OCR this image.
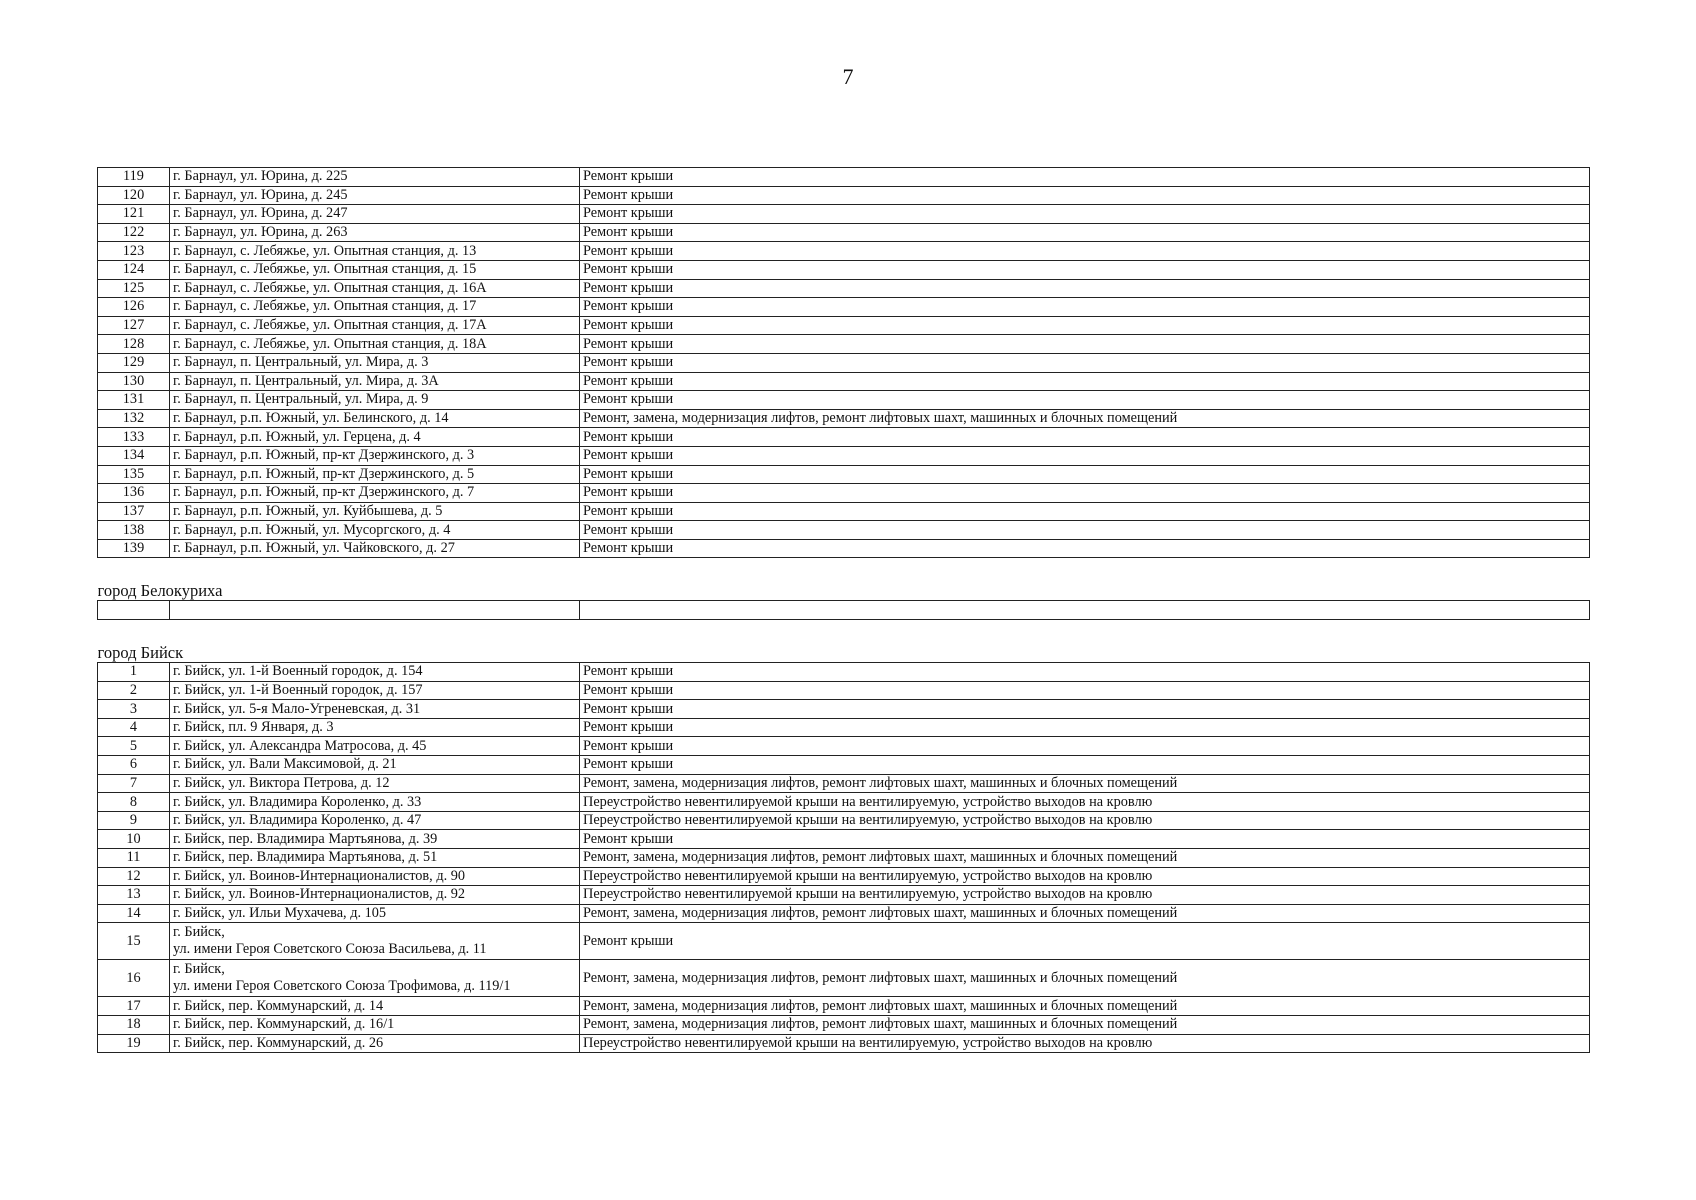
7
119	г. Барнаул, ул. Юрина, д. 225	Ремонт крыши
120	г. Барнаул, ул. Юрина, д. 245	Ремонт крыши
121	г. Барнаул, ул. Юрина, д. 247	Ремонт крыши
122	г. Барнаул, ул. Юрина, д. 263	Ремонт крыши
123	г. Барнаул, с. Лебяжье, ул. Опытная станция, д. 13	Ремонт крыши
124	г. Барнаул, с. Лебяжье, ул. Опытная станция, д. 15	Ремонт крыши
125	г. Барнаул, с. Лебяжье, ул. Опытная станция, д. 16А	Ремонт крыши
126	г. Барнаул, с. Лебяжье, ул. Опытная станция, д. 17	Ремонт крыши
127	г. Барнаул, с. Лебяжье, ул. Опытная станция, д. 17А	Ремонт крыши
128	г. Барнаул, с. Лебяжье, ул. Опытная станция, д. 18А	Ремонт крыши
129	г. Барнаул, п. Центральный, ул. Мира, д. 3	Ремонт крыши
130	г. Барнаул, п. Центральный, ул. Мира, д. 3А	Ремонт крыши
131	г. Барнаул, п. Центральный, ул. Мира, д. 9	Ремонт крыши
132	г. Барнаул, р.п. Южный, ул. Белинского, д. 14	Ремонт, замена, модернизация лифтов, ремонт лифтовых шахт, машинных и блочных помещений
133	г. Барнаул, р.п. Южный, ул. Герцена, д. 4	Ремонт крыши
134	г. Барнаул, р.п. Южный, пр-кт Дзержинского, д. 3	Ремонт крыши
135	г. Барнаул, р.п. Южный, пр-кт Дзержинского, д. 5	Ремонт крыши
136	г. Барнаул, р.п. Южный, пр-кт Дзержинского, д. 7	Ремонт крыши
137	г. Барнаул, р.п. Южный, ул. Куйбышева, д. 5	Ремонт крыши
138	г. Барнаул, р.п. Южный, ул. Мусоргского, д. 4	Ремонт крыши
139	г. Барнаул, р.п. Южный, ул. Чайковского, д. 27	Ремонт крыши

город Белокуриха		

город Бийск		
1	г. Бийск, ул. 1-й Военный городок, д. 154	Ремонт крыши
2	г. Бийск, ул. 1-й Военный городок, д. 157	Ремонт крыши
3	г. Бийск, ул. 5-я Мало-Угреневская, д. 31	Ремонт крыши
4	г. Бийск, пл. 9 Января, д. 3	Ремонт крыши
5	г. Бийск, ул. Александра Матросова, д. 45	Ремонт крыши
6	г. Бийск, ул. Вали Максимовой, д. 21	Ремонт крыши
7	г. Бийск, ул. Виктора Петрова, д. 12	Ремонт, замена, модернизация лифтов, ремонт лифтовых шахт, машинных и блочных помещений
8	г. Бийск, ул. Владимира Короленко, д. 33	Переустройство невентилируемой крыши на вентилируемую, устройство выходов на кровлю
9	г. Бийск, ул. Владимира Короленко, д. 47	Переустройство невентилируемой крыши на вентилируемую, устройство выходов на кровлю
10	г. Бийск, пер. Владимира Мартьянова, д. 39	Ремонт крыши
11	г. Бийск, пер. Владимира Мартьянова, д. 51	Ремонт, замена, модернизация лифтов, ремонт лифтовых шахт, машинных и блочных помещений
12	г. Бийск, ул. Воинов-Интернационалистов, д. 90	Переустройство невентилируемой крыши на вентилируемую, устройство выходов на кровлю
13	г. Бийск, ул. Воинов-Интернационалистов, д. 92	Переустройство невентилируемой крыши на вентилируемую, устройство выходов на кровлю
14	г. Бийск, ул. Ильи Мухачева, д. 105	Ремонт, замена, модернизация лифтов, ремонт лифтовых шахт, машинных и блочных помещений
15	г. Бийск,
ул. имени Героя Советского Союза Васильева, д. 11	Ремонт крыши
16	г. Бийск,
ул. имени Героя Советского Союза Трофимова, д. 119/1	Ремонт, замена, модернизация лифтов, ремонт лифтовых шахт, машинных и блочных помещений
17	г. Бийск, пер. Коммунарский, д. 14	Ремонт, замена, модернизация лифтов, ремонт лифтовых шахт, машинных и блочных помещений
18	г. Бийск, пер. Коммунарский, д. 16/1	Ремонт, замена, модернизация лифтов, ремонт лифтовых шахт, машинных и блочных помещений
19	г. Бийск, пер. Коммунарский, д. 26	Переустройство невентилируемой крыши на вентилируемую, устройство выходов на кровлю
